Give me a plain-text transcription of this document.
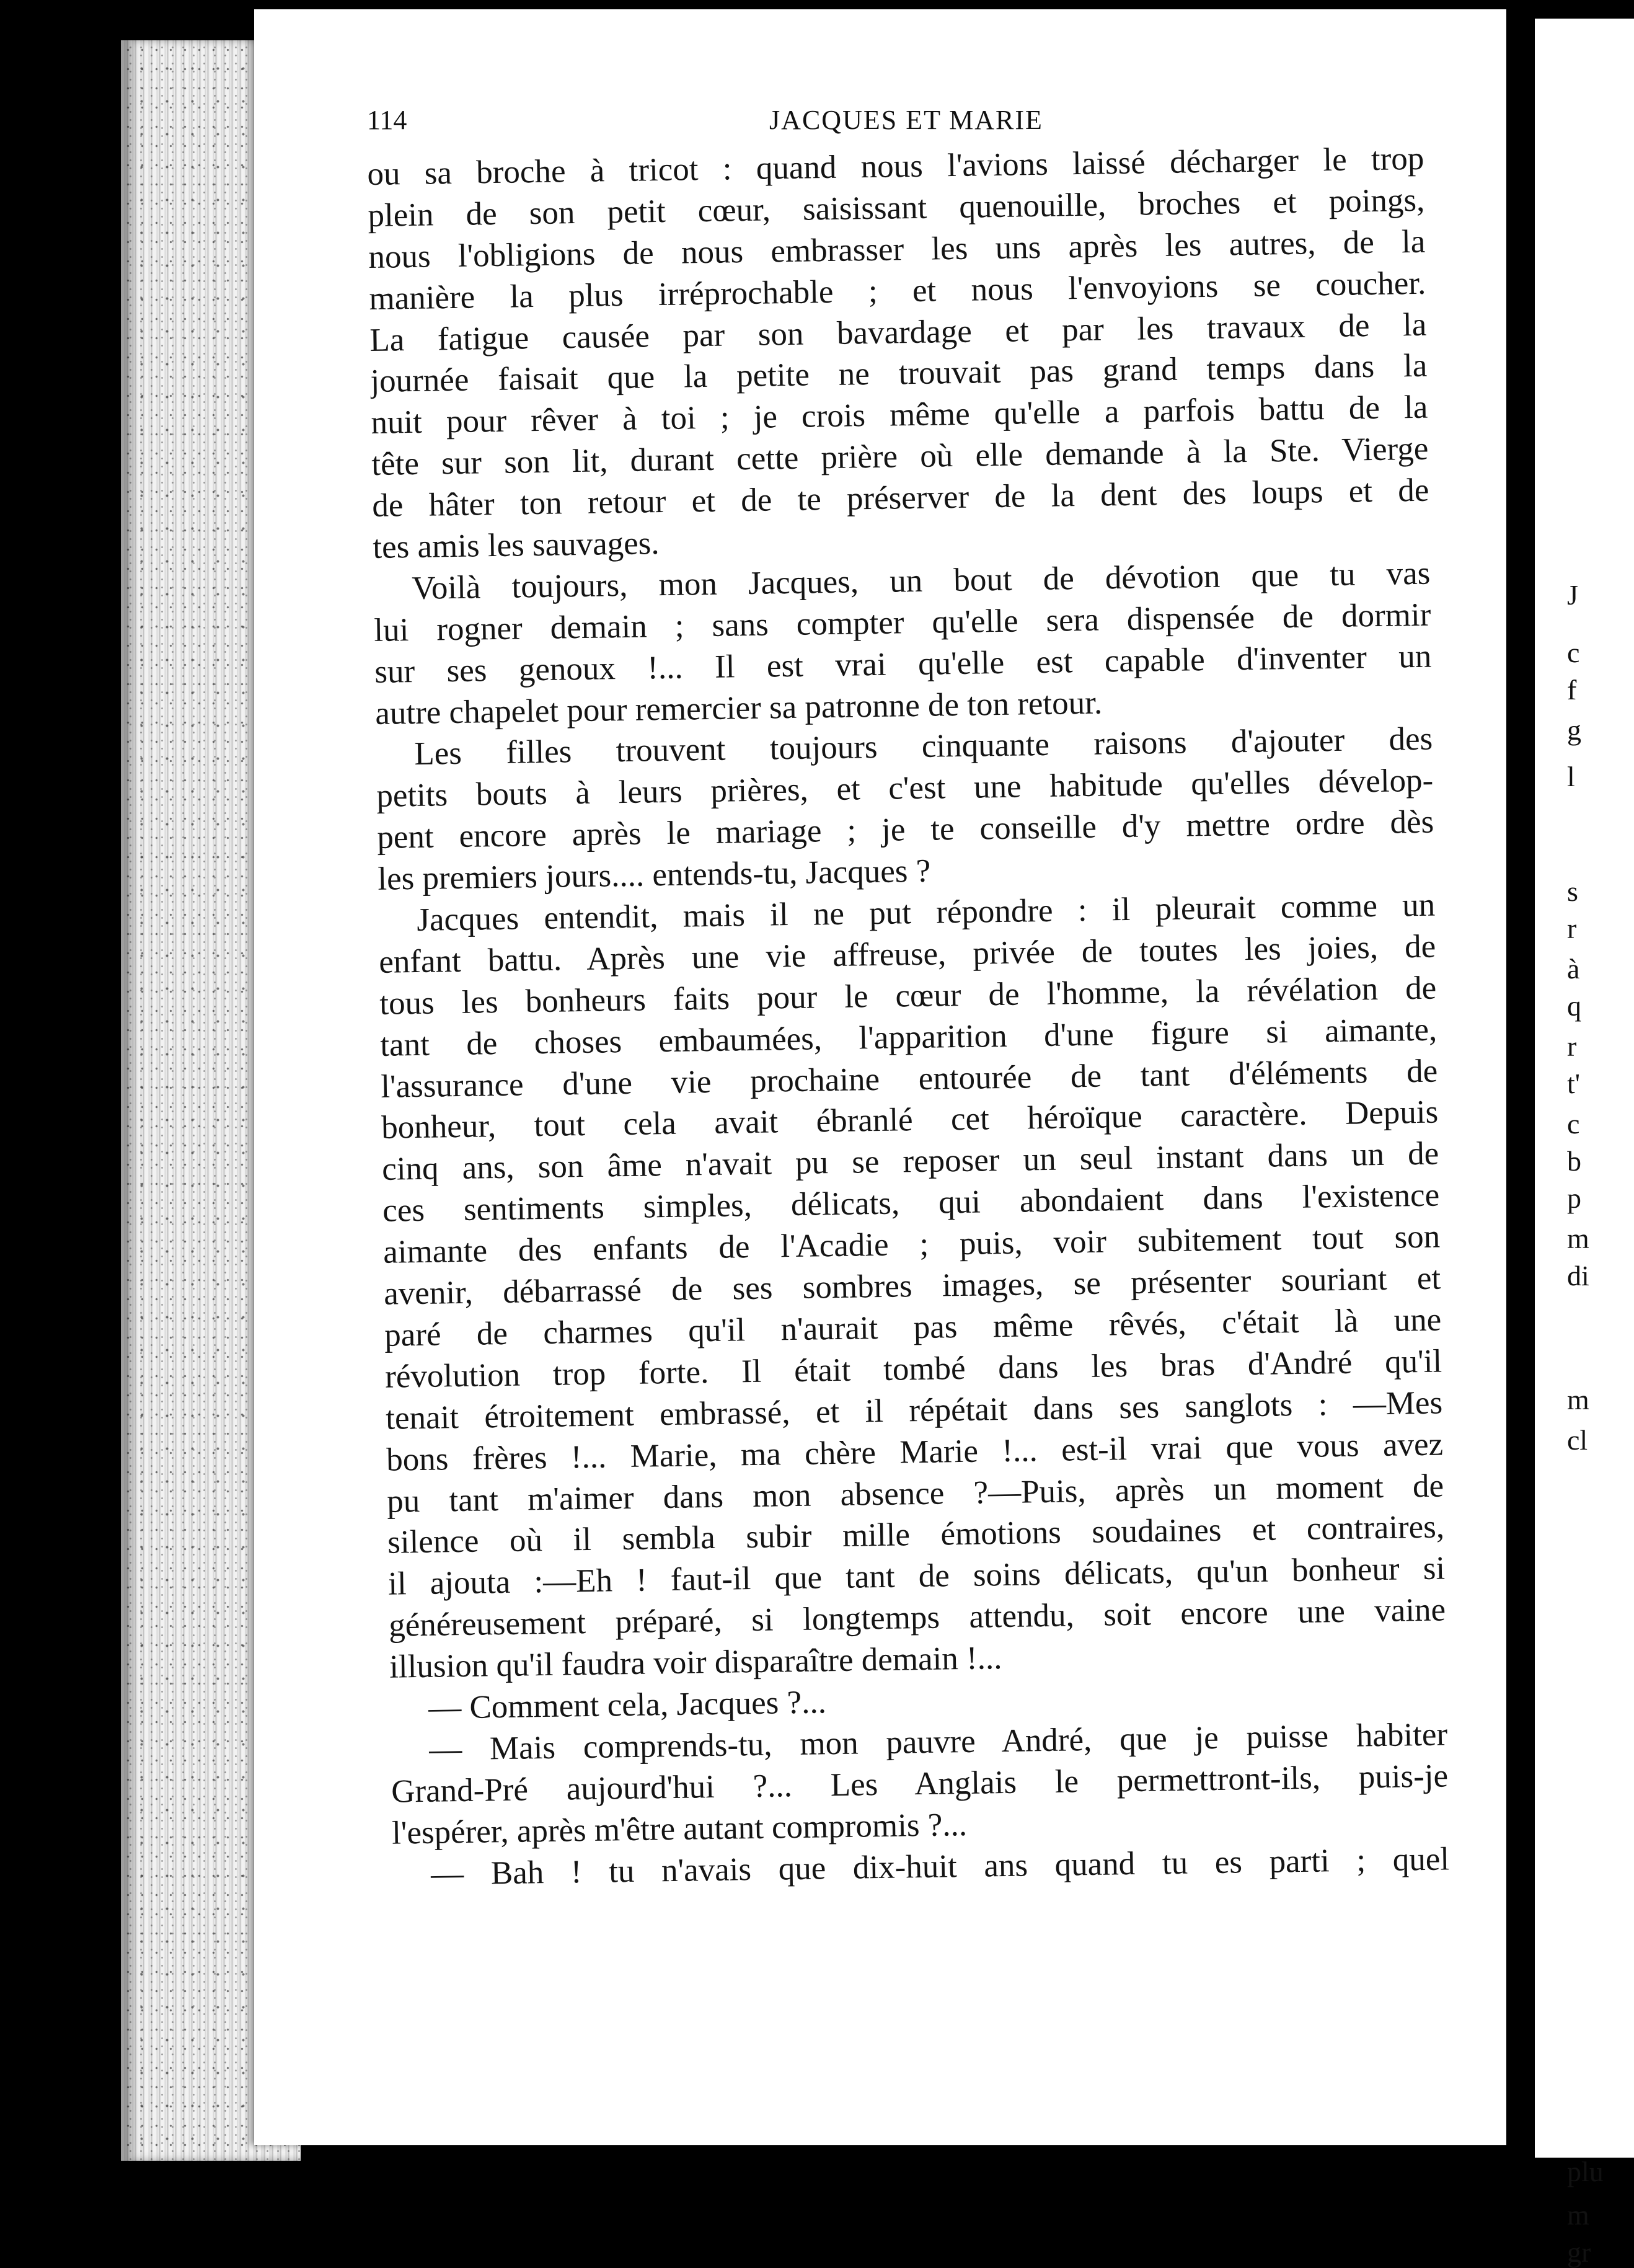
J
c
f
g
l
s
r
à
q
r
t'
c
b
p
m
di
m
cl
plu
m
gr
114	JACQUES ET MARIE
ou sa broche à tricot : quand nous l'avions laissé décharger le trop
plein de son petit cœur, saisissant quenouille, broches et poings,
nous l'obligions de nous embrasser les uns après les autres, de la
manière la plus irréprochable ; et nous l'envoyions se coucher.
La fatigue causée par son bavardage et par les travaux de la
journée faisait que la petite ne trouvait pas grand temps dans la
nuit pour rêver à toi ; je crois même qu'elle a parfois battu de la
tête sur son lit, durant cette prière où elle demande à la Ste. Vierge
de hâter ton retour et de te préserver de la dent des loups et de
tes amis les sauvages.
Voilà toujours, mon Jacques, un bout de dévotion que tu vas
lui rogner demain ; sans compter qu'elle sera dispensée de dormir
sur ses genoux !... Il est vrai qu'elle est capable d'inventer un
autre chapelet pour remercier sa patronne de ton retour.
Les filles trouvent toujours cinquante raisons d'ajouter des
petits bouts à leurs prières, et c'est une habitude qu'elles dévelop-
pent encore après le mariage ; je te conseille d'y mettre ordre dès
les premiers jours.... entends-tu, Jacques ?
Jacques entendit, mais il ne put répondre : il pleurait comme un
enfant battu. Après une vie affreuse, privée de toutes les joies, de
tous les bonheurs faits pour le cœur de l'homme, la révélation de
tant de choses embaumées, l'apparition d'une figure si aimante,
l'assurance d'une vie prochaine entourée de tant d'éléments de
bonheur, tout cela avait ébranlé cet héroïque caractère. Depuis
cinq ans, son âme n'avait pu se reposer un seul instant dans un de
ces sentiments simples, délicats, qui abondaient dans l'existence
aimante des enfants de l'Acadie ; puis, voir subitement tout son
avenir, débarrassé de ses sombres images, se présenter souriant et
paré de charmes qu'il n'aurait pas même rêvés, c'était là une
révolution trop forte. Il était tombé dans les bras d'André qu'il
tenait étroitement embrassé, et il répétait dans ses sanglots : —Mes
bons frères !... Marie, ma chère Marie !... est-il vrai que vous avez
pu tant m'aimer dans mon absence ?—Puis, après un moment de
silence où il sembla subir mille émotions soudaines et contraires,
il ajouta :—Eh ! faut-il que tant de soins délicats, qu'un bonheur si
généreusement préparé, si longtemps attendu, soit encore une vaine
illusion qu'il faudra voir disparaître demain !...
— Comment cela, Jacques ?...
— Mais comprends-tu, mon pauvre André, que je puisse habiter
Grand-Pré aujourd'hui ?... Les Anglais le permettront-ils, puis-je
l'espérer, après m'être autant compromis ?...
— Bah ! tu n'avais que dix-huit ans quand tu es parti ; quel
